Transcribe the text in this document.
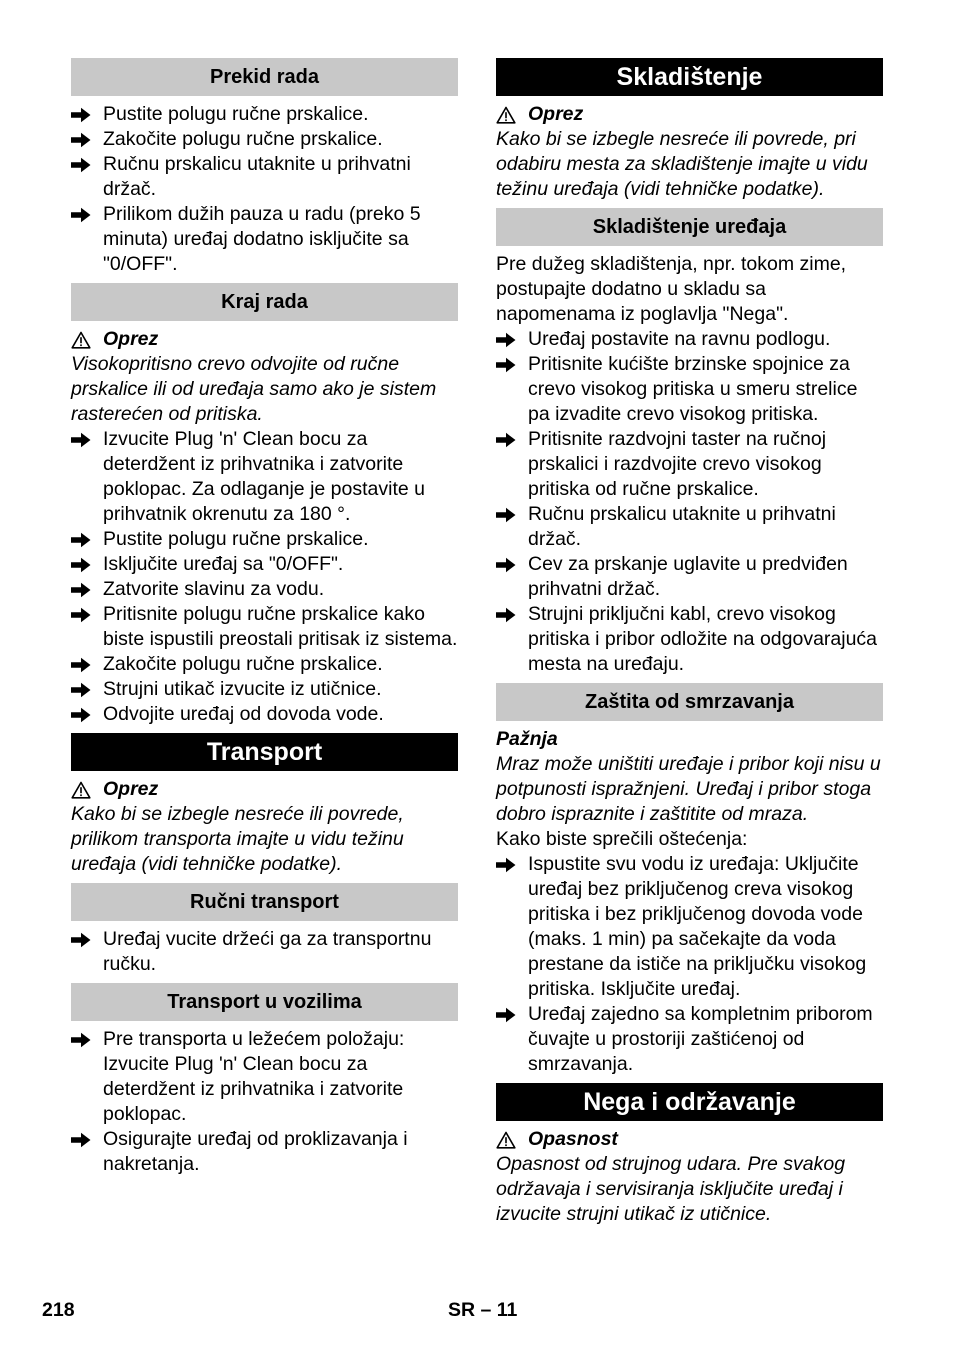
Prekid rada
Pustite polugu ručne prskalice.
Zakočite polugu ručne prskalice.
Ručnu prskalicu utaknite u prihvatni držač.
Prilikom dužih pauza u radu (preko 5 minuta) uređaj dodatno isključite sa "0/OFF".
Kraj rada
Oprez

Visokopritisno crevo odvojite od ručne prskalice ili od uređaja samo ako je sistem rasterećen od pritiska.

Izvucite Plug 'n' Clean bocu za deterdžent iz prihvatnika i zatvorite poklopac. Za odlaganje je postavite u prihvatnik okrenutu za 180 °.
Pustite polugu ručne prskalice.
Isključite uređaj sa "0/OFF".
Zatvorite slavinu za vodu.
Pritisnite polugu ručne prskalice kako biste ispustili preostali pritisak iz sistema.
Zakočite polugu ručne prskalice.
Strujni utikač izvucite iz utičnice.
Odvojite uređaj od dovoda vode.
Transport
Oprez

Kako bi se izbegle nesreće ili povrede, prilikom transporta imajte u vidu težinu uređaja (vidi tehničke podatke).

Ručni transport
Uređaj vucite držeći ga za transportnu ručku.
Transport u vozilima
Pre transporta u ležećem položaju: Izvucite Plug 'n' Clean bocu za deterdžent iz prihvatnika i zatvorite poklopac.
Osigurajte uređaj od proklizavanja i nakretanja.
Skladištenje
Oprez

Kako bi se izbegle nesreće ili povrede, pri odabiru mesta za skladištenje imajte u vidu težinu uređaja (vidi tehničke podatke).

Skladištenje uređaja

Pre dužeg skladištenja, npr. tokom zime, postupajte dodatno u skladu sa napomenama iz poglavlja "Nega".

Uređaj postavite na ravnu podlogu.
Pritisnite kućište brzinske spojnice za crevo visokog pritiska u smeru strelice pa izvadite crevo visokog pritiska.
Pritisnite razdvojni taster na ručnoj prskalici i razdvojite crevo visokog pritiska od ručne prskalice.
Ručnu prskalicu utaknite u prihvatni držač.
Cev za prskanje uglavite u predviđen prihvatni držač.
Strujni priključni kabl, crevo visokog pritiska i pribor odložite na odgovarajuća mesta na uređaju.
Zaštita od smrzavanja
Pažnja

Mraz može uništiti uređaje i pribor koji nisu u potpunosti ispražnjeni. Uređaj i pribor stoga dobro ispraznite i zaštitite od mraza.

Kako biste sprečili oštećenja:

Ispustite svu vodu iz uređaja: Uključite uređaj bez priključenog creva visokog pritiska i bez priključenog dovoda vode (maks. 1 min) pa sačekajte da voda prestane da ističe na priključku visokog pritiska. Isključite uređaj.
Uređaj zajedno sa kompletnim priborom čuvajte u prostoriji zaštićenoj od smrzavanja.
Nega i održavanje
Opasnost

Opasnost od strujnog udara. Pre svakog održavaja i servisiranja isključite uređaj i izvucite strujni utikač iz utičnice.

218	SR – 11
